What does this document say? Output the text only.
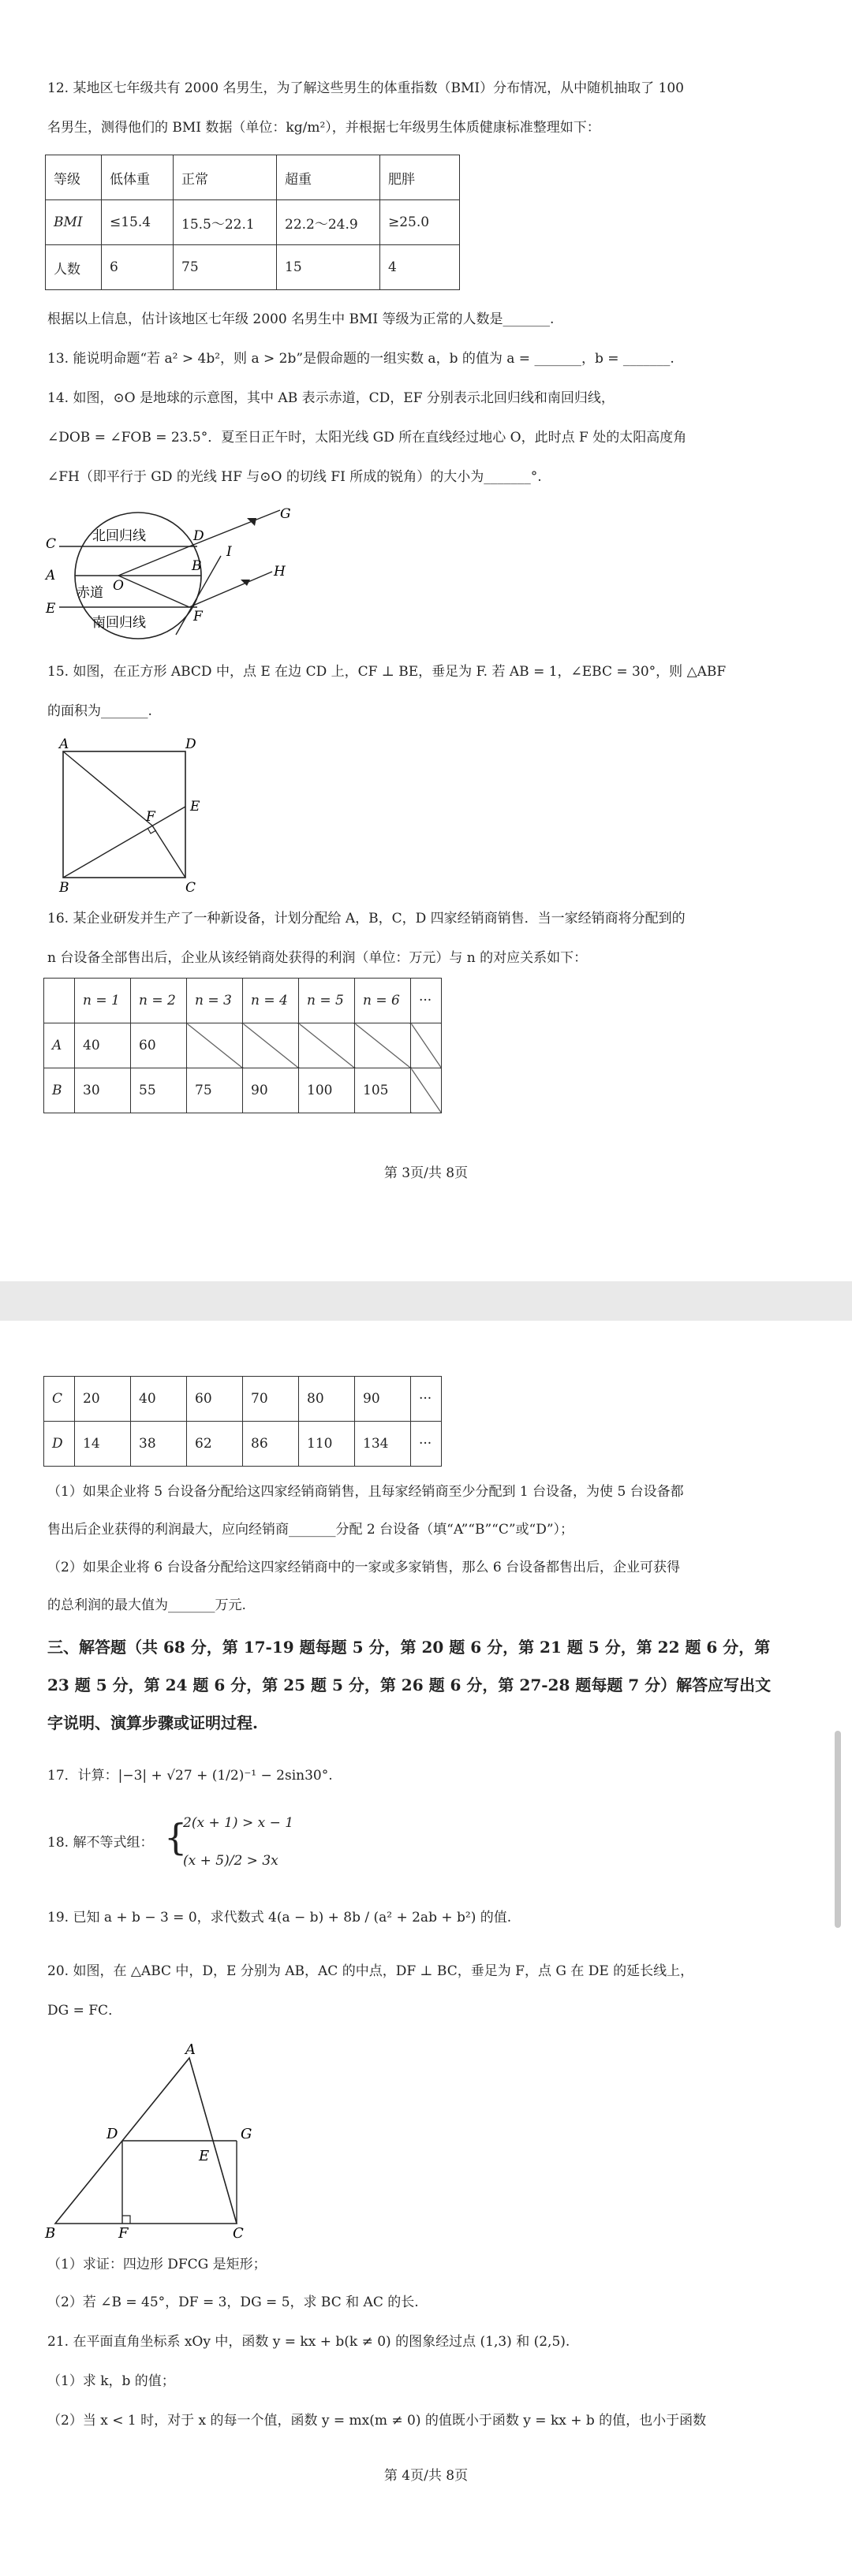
12. 某地区七年级共有 2000 名男生，为了解这些男生的体重指数（BMI）分布情况，从中随机抽取了 100
名男生，测得他们的 BMI 数据（单位：kg/m²），并根据七年级男生体质健康标准整理如下：
等级	低体重	正常	超重	肥胖
BMI	≤15.4	15.5～22.1	22.2～24.9	≥25.0
人数	6	75	15	4
根据以上信息，估计该地区七年级 2000 名男生中 BMI 等级为正常的人数是_______.
13. 能说明命题“若 a² > 4b²，则 a > 2b”是假命题的一组实数 a，b 的值为 a = _______，b = _______.
14. 如图，⊙O 是地球的示意图，其中 AB 表示赤道，CD，EF 分别表示北回归线和南回归线，
∠DOB = ∠FOB = 23.5°．夏至日正午时，太阳光线 GD 所在直线经过地心 O，此时点 F 处的太阳高度角
∠FH（即平行于 GD 的光线 HF 与⊙O 的切线 FI 所成的锐角）的大小为_______°.
C	D
A
B
O
E	F
G
I
H
北回归线
赤道
南回归线
15. 如图，在正方形 ABCD 中，点 E 在边 CD 上，CF ⊥ BE，垂足为 F. 若 AB = 1，∠EBC = 30°，则 △ABF
的面积为_______.
A	D
F
E
B	C
16. 某企业研发并生产了一种新设备，计划分配给 A，B，C，D 四家经销商销售．当一家经销商将分配到的
n 台设备全部售出后，企业从该经销商处获得的利润（单位：万元）与 n 的对应关系如下：
	n = 1	n = 2	n = 3	n = 4	n = 5	n = 6	···
A	40	60					
B	30	55	75	90	100	105	
第 3页/共 8页
C	20	40	60	70	80	90	···
D	14	38	62	86	110	134	···
（1）如果企业将 5 台设备分配给这四家经销商销售，且每家经销商至少分配到 1 台设备，为使 5 台设备都
售出后企业获得的利润最大，应向经销商_______分配 2 台设备（填“A”“B”“C”或“D”）；
（2）如果企业将 6 台设备分配给这四家经销商中的一家或多家销售，那么 6 台设备都售出后，企业可获得
的总利润的最大值为_______万元.
三、解答题（共 68 分，第 17-19 题每题 5 分，第 20 题 6 分，第 21 题 5 分，第 22 题 6 分，第
23 题 5 分，第 24 题 6 分，第 25 题 5 分，第 26 题 6 分，第 27-28 题每题 7 分）解答应写出文
字说明、演算步骤或证明过程.
17．计算：|−3| + √27 + (1/2)⁻¹ − 2sin30°.
18. 解不等式组： {
2(x + 1) > x − 1
(x + 5)/2 > 3x
19. 已知 a + b − 3 = 0，求代数式 4(a − b) + 8b / (a² + 2ab + b²) 的值.
20. 如图，在 △ABC 中，D，E 分别为 AB，AC 的中点，DF ⊥ BC，垂足为 F，点 G 在 DE 的延长线上，
DG = FC．
A
D	G
E
B	F	C
（1）求证：四边形 DFCG 是矩形；
（2）若 ∠B = 45°，DF = 3，DG = 5，求 BC 和 AC 的长.
21. 在平面直角坐标系 xOy 中，函数 y = kx + b(k ≠ 0) 的图象经过点 (1,3) 和 (2,5).
（1）求 k，b 的值；
（2）当 x < 1 时，对于 x 的每一个值，函数 y = mx(m ≠ 0) 的值既小于函数 y = kx + b 的值，也小于函数
第 4页/共 8页
